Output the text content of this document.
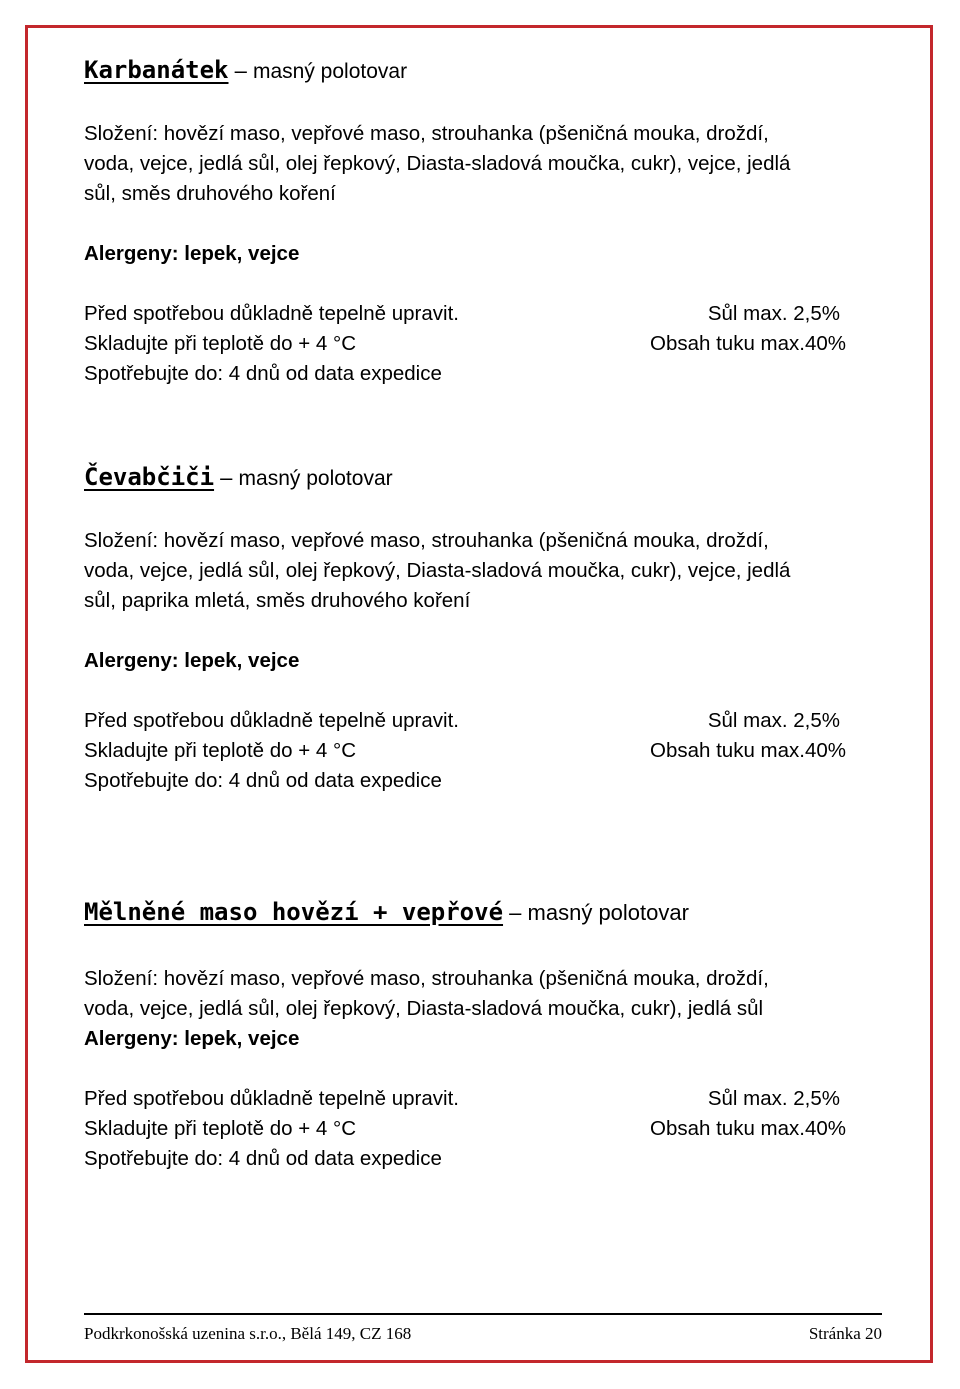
Karbanátek – masný polotovar

Složení: hovězí maso, vepřové maso, strouhanka (pšeničná mouka, droždí,

voda, vejce, jedlá sůl, olej řepkový, Diasta-sladová moučka, cukr), vejce, jedlá

sůl, směs druhového koření

Alergeny: lepek, vejce

Před spotřebou důkladně tepelně upravit.	Sůl max. 2,5%
Skladujte při teplotě do + 4 °C	Obsah tuku max.40%
Spotřebujte do: 4 dnů od data expedice
Čevabčiči – masný polotovar

Složení: hovězí maso, vepřové maso, strouhanka (pšeničná mouka, droždí,

voda, vejce, jedlá sůl, olej řepkový, Diasta-sladová moučka, cukr), vejce, jedlá

sůl, paprika mletá, směs druhového koření

Alergeny: lepek, vejce

Před spotřebou důkladně tepelně upravit.	Sůl max. 2,5%
Skladujte při teplotě do + 4 °C	Obsah tuku max.40%
Spotřebujte do: 4 dnů od data expedice
Mělněné maso hovězí + vepřové – masný polotovar

Složení: hovězí maso, vepřové maso, strouhanka (pšeničná mouka, droždí,

voda, vejce, jedlá sůl, olej řepkový, Diasta-sladová moučka, cukr), jedlá sůl

Alergeny: lepek, vejce

Před spotřebou důkladně tepelně upravit.	Sůl max. 2,5%
Skladujte při teplotě do + 4 °C	Obsah tuku max.40%
Spotřebujte do: 4 dnů od data expedice
Podkrkonošská uzenina s.r.o., Bělá 149, CZ 168	Stránka 20
